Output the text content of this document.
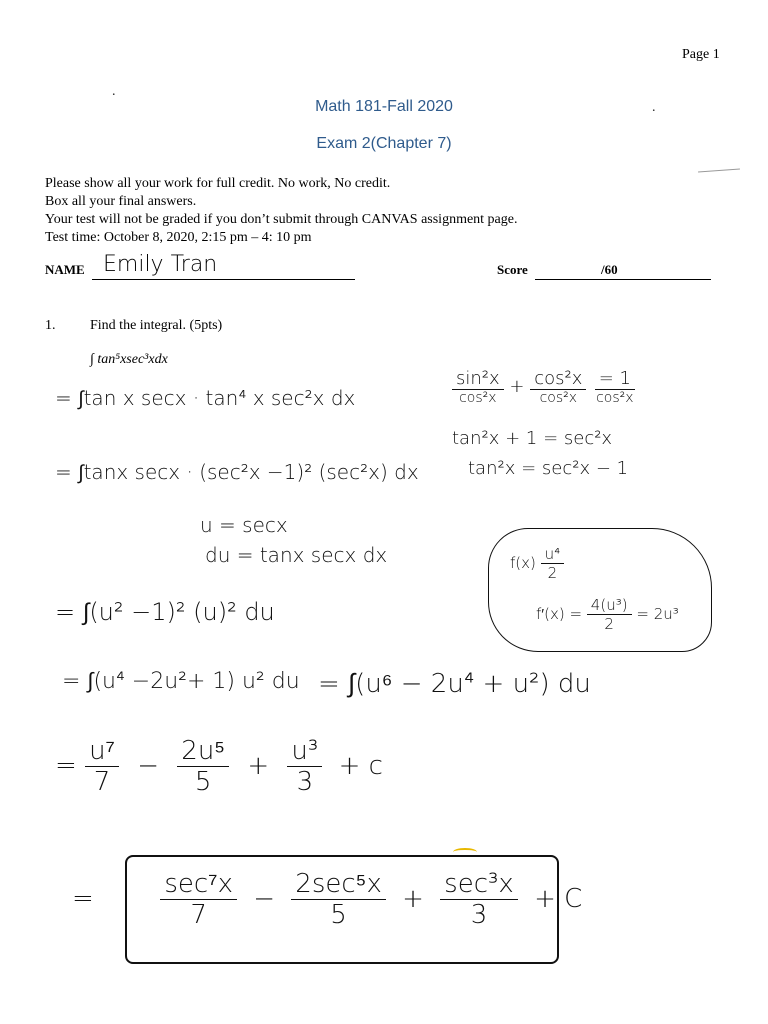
Page 1
.
.
Math 181-Fall 2020
Exam 2(Chapter 7)
Please show all your work for full credit. No work, No credit.
Box all your final answers.
Your test will not be graded if you don’t submit through CANVAS assignment page.
Test time: October 8, 2020, 2:15 pm – 4: 10 pm
NAME Emily Tran	Score	/60
1. Find the integral. (5pts)
∫ tan⁵xsec³xdx
= ∫tan x secx · tan⁴ x sec²x dx
= ∫tanx secx · (sec²x −1)² (sec²x) dx
u = secx
du = tanx secx dx
= ∫(u² −1)² (u)² du
= ∫(u⁴ −2u²+ 1) u² du = ∫(u⁶ − 2u⁴ + u²) du
= $\frac{\text{u⁷}}{7} - \frac{\text{2u⁵}}{5} + \frac{\text{u³}}{3} + c$
=	$\frac{\text{sec⁷x}}{7} - \frac{\text{2sec⁵x}}{5} + \frac{\text{sec³x}}{3} + C$
$\frac{\text{sin²x}}{\text{cos²x}} + \frac{\text{cos²x}}{\text{cos²x}}$
$\frac{= 1}{\text{cos²x}}$
tan²x + 1 = sec²x
tan²x = sec²x − 1
$f(x) \frac{\text{u⁴}}{2}$
$f'(x) = \frac{\text{4(u³)}}{2} = 2u^3$
